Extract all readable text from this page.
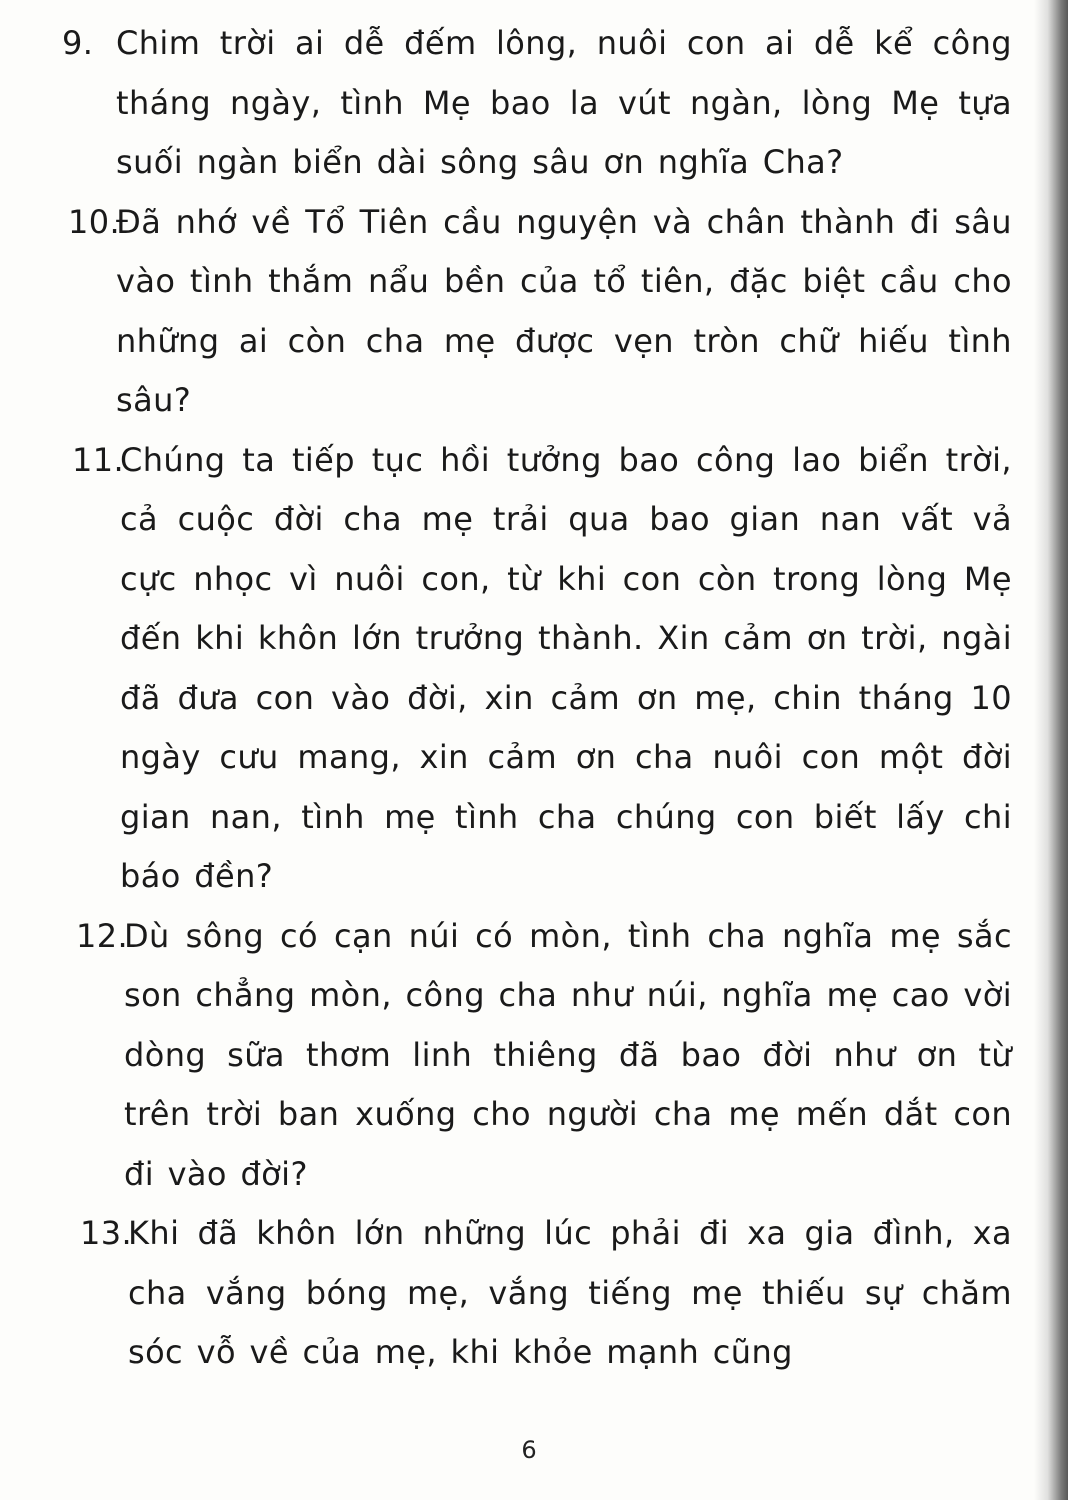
9. Chim trời ai dễ đếm lông, nuôi con ai dễ kể công tháng ngày, tình Mẹ bao la vút ngàn, lòng Mẹ tựa suối ngàn biển dài sông sâu ơn nghĩa Cha?
10.
Đã nhớ về Tổ Tiên cầu nguyện và chân thành đi sâu vào tình thắm nẩu bền của tổ tiên, đặc biệt cầu cho những ai còn cha mẹ được vẹn tròn chữ hiếu tình sâu?
11.
Chúng ta tiếp tục hồi tưởng bao công lao biển trời, cả cuộc đời cha mẹ trải qua bao gian nan vất vả cực nhọc vì nuôi con, từ khi con còn trong lòng Mẹ đến khi khôn lớn trưởng thành. Xin cảm ơn trời, ngài đã đưa con vào đời, xin cảm ơn mẹ, chin tháng 10 ngày cưu mang, xin cảm ơn cha nuôi con một đời gian nan, tình mẹ tình cha chúng con biết lấy chi báo đền?
12.
Dù sông có cạn núi có mòn, tình cha nghĩa mẹ sắc son chẳng mòn, công cha như núi, nghĩa mẹ cao vời dòng sữa thơm linh thiêng đã bao đời như ơn từ trên trời ban xuống cho người cha mẹ mến dắt con đi vào đời?
13.
Khi đã khôn lớn những lúc phải đi xa gia đình, xa cha vắng bóng mẹ, vắng tiếng mẹ thiếu sự chăm sóc vỗ về của mẹ, khi khỏe mạnh cũng
6
